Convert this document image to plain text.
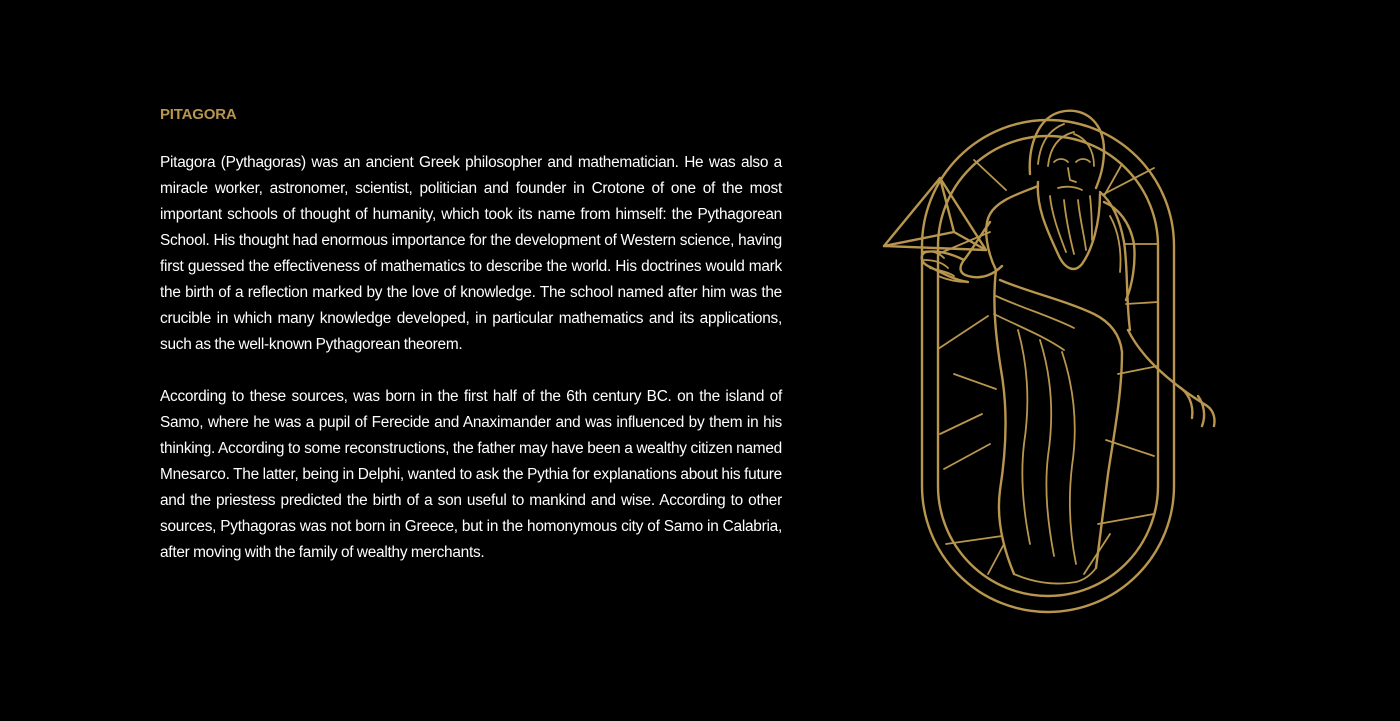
PITAGORA

Pitagora (Pythagoras) was an ancient Greek philosopher and mathematician. He was also a miracle worker, astronomer, scientist, politician and founder in Crotone of one of the most important schools of thought of humanity, which took its name from himself: the Pythagorean School. His thought had enormous importance for the development of Western science, having first guessed the effectiveness of mathematics to describe the world. His doctrines would mark the birth of a reflection marked by the love of knowledge. The school named after him was the crucible in which many knowledge developed, in particular mathematics and its applications, such as the well-known Pythagorean theorem.

According to these sources, was born in the first half of the 6th century BC. on the island of Samo, where he was a pupil of Ferecide and Anaximander and was influenced by them in his thinking. According to some reconstructions, the father may have been a wealthy citizen named Mnesarco. The latter, being in Delphi, wanted to ask the Pythia for explanations about his future and the priestess predicted the birth of a son useful to mankind and wise. According to other sources, Pythagoras was not born in Greece, but in the homonymous city of Samo in Calabria, after moving with the family of wealthy merchants.
